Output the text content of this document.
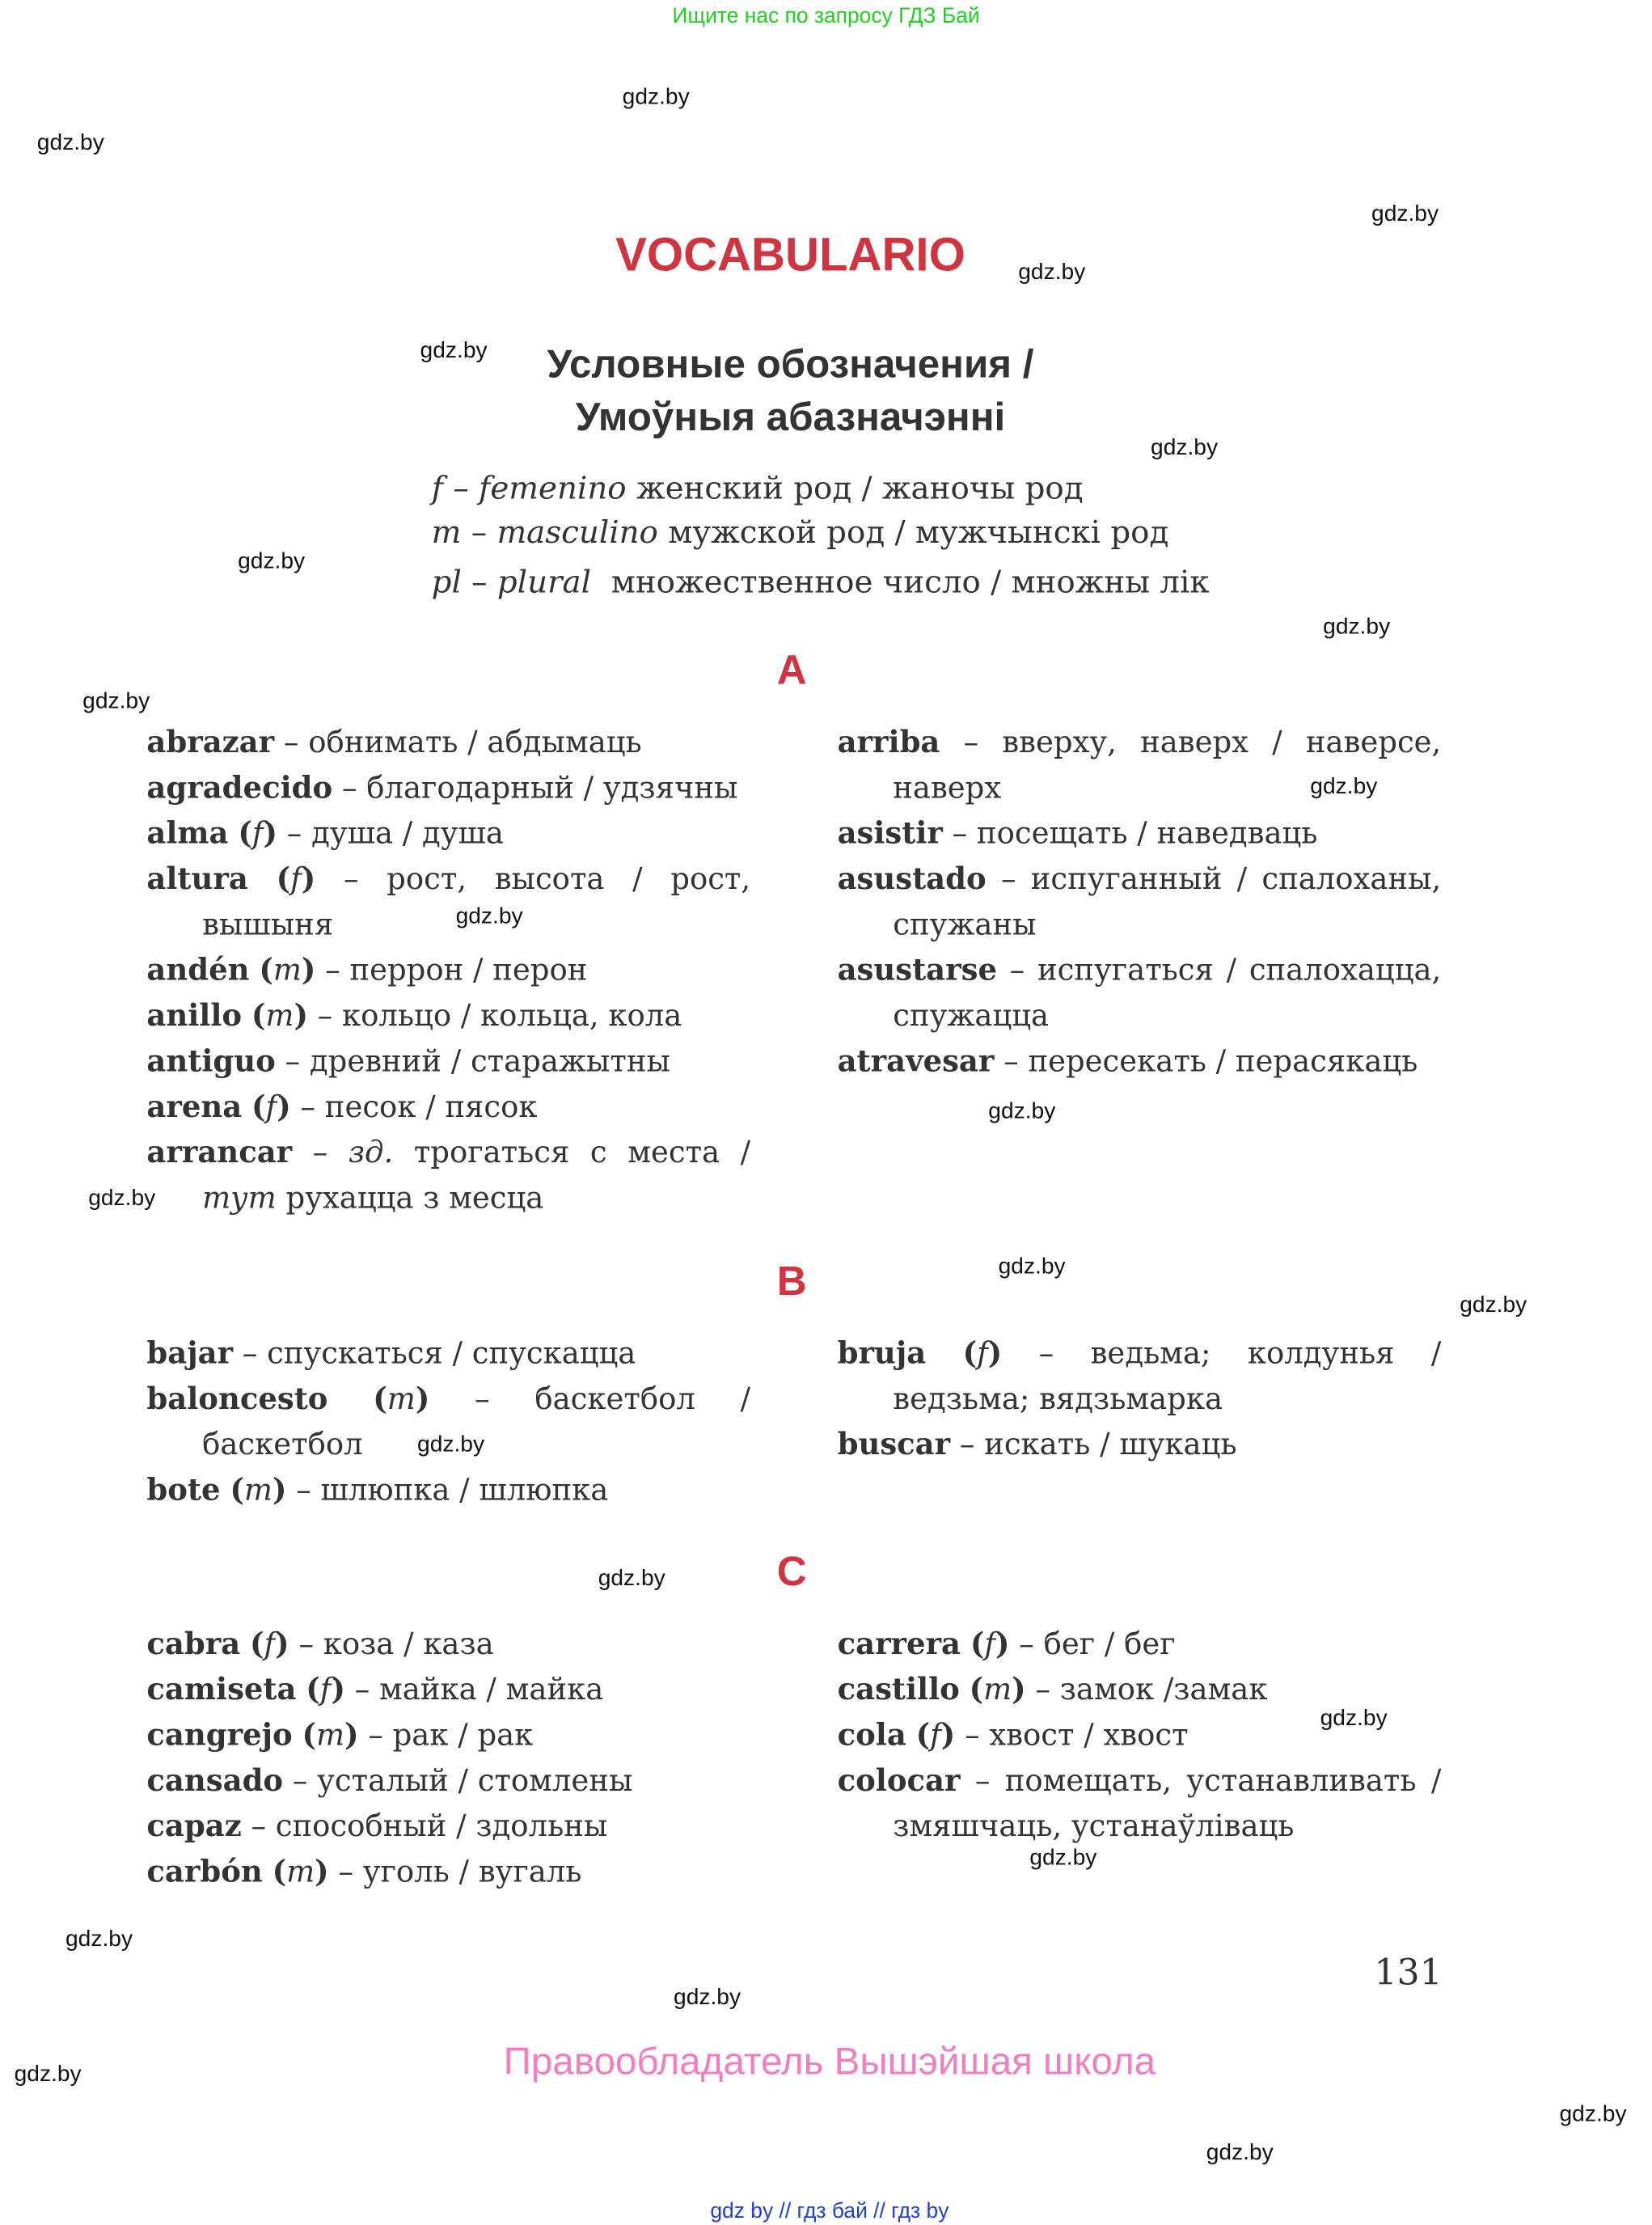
Ищите нас по запросу ГДЗ Бай
VOCABULARIO
Условные обозначения /
Умоўныя абазначэнні
f – femenino женский род / жаночы род
m – masculino мужской род / мужчынскі род
pl – plural множественное число / множны лік
A
abrazar – обнимать / абдымаць
agradecido – благодарный / удзячны
alma (f) – душа / душа
altura (f) – рост, высота / рост, вышыня
andén (m) – перрон / перон
anillo (m) – кольцо / кольца, кола
antiguo – древний / старажытны
arena (f) – песок / пясок
arrancar – зд. трогаться с места / тут рухацца з месца
arriba – вверху, наверх / наверсе, наверх
asistir – посещать / наведваць
asustado – испуганный / спалоханы, спужаны
asustarse – испугаться / спалохацца, спужацца
atravesar – пересекать / перасякаць
B
bajar – спускаться / спускацца
baloncesto	(m)	–	баскетбол / баскетбол
bote (m) – шлюпка / шлюпка
bruja (f) – ведьма; колдунья / ведзьма; вядзьмарка
buscar – искать / шукаць
C
cabra (f) – коза / каза
camiseta (f) – майка / майка
cangrejo (m) – рак / рак
cansado – усталый / стомлены
capaz – способный / здольны
carbón (m) – уголь / вугаль
carrera (f) – бег / бег
castillo (m) – замок /замак
cola (f) – хвост / хвост
colocar – помещать, устанавливать / змяшчаць, устанаўліваць
131
Правообладатель Вышэйшая школа
gdz by // гдз бай // гдз by
gdz.by
gdz.by
gdz.by
gdz.by
gdz.by
gdz.by
gdz.by
gdz.by
gdz.by
gdz.by
gdz.by
gdz.by
gdz.by
gdz.by
gdz.by
gdz.by
gdz.by
gdz.by
gdz.by
gdz.by
gdz.by
gdz.by
gdz.by
gdz.by
